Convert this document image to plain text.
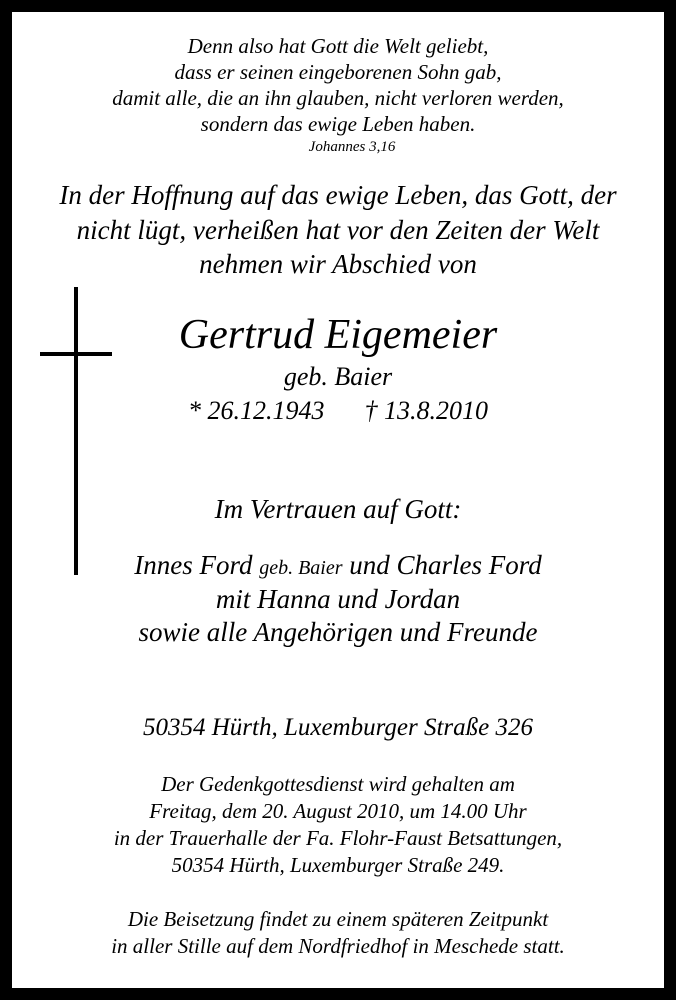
Denn also hat Gott die Welt geliebt,

dass er seinen eingeborenen Sohn gab,

damit alle, die an ihn glauben, nicht verloren werden,

sondern das ewige Leben haben.

Johannes 3,16

In der Hoffnung auf das ewige Leben, das Gott, der

nicht lügt, verheißen hat vor den Zeiten der Welt

nehmen wir Abschied von

Gertrud Eigemeier

geb. Baier

* 26.12.1943 † 13.8.2010

Im Vertrauen auf Gott:

Innes Ford geb. Baier und Charles Ford

mit Hanna und Jordan

sowie alle Angehörigen und Freunde

50354 Hürth, Luxemburger Straße 326

Der Gedenkgottesdienst wird gehalten am

Freitag, dem 20. August 2010, um 14.00 Uhr

in der Trauerhalle der Fa. Flohr-Faust Betsattungen,

50354 Hürth, Luxemburger Straße 249.

Die Beisetzung findet zu einem späteren Zeitpunkt

in aller Stille auf dem Nordfriedhof in Meschede statt.
